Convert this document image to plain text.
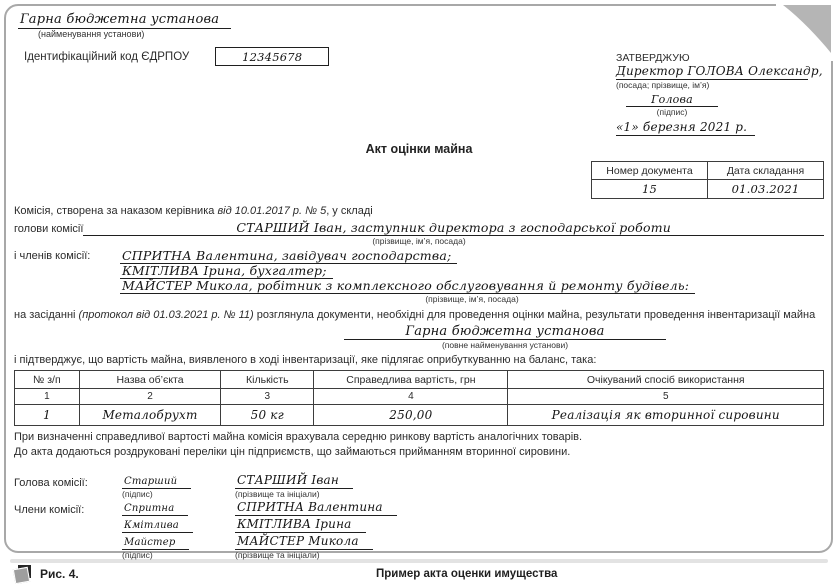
Гарна бюджетна установа
(найменування установи)
Ідентифікаційний код ЄДРПОУ	12345678	ЗАТВЕРДЖУЮ
Директор ГОЛОВА Олександр,
(посада; прізвище, ім’я)
Голова
(підпис)
«1» березня 2021 р.
Акт оцінки майна
Номер документа	Дата складання
15	01.03.2021

Комісія, створена за наказом керівника від 10.01.2017 р. № 5, у складі

голови комісії	СТАРШИЙ Іван, заступник директора з господарської роботи
(прізвище, ім’я, посада)
і членів комісії:	СПРИТНА Валентина, завідувач господарства;
КМІТЛИВА Ірина, бухгалтер;
МАЙСТЕР Микола, робітник з комплексного обслуговування й ремонту будівель:
(прізвище, ім’я, посада)

на засіданні (протокол від 01.03.2021 р. № 11) розглянула документи, необхідні для проведення оцінки майна, результати проведення інвентаризації майна

Гарна бюджетна установа
(повне найменування установи)

і підтверджує, що вартість майна, виявленого в ході інвентаризації, яке підлягає оприбуткуванню на баланс, така:

№ з/п	Назва об’єкта	Кількість	Справедлива вартість, грн	Очікуваний спосіб використання
1	2	3	4	5
1	Металобрухт	50 кг	250,00	Реалізація як вторинної сировини

При визначенні справедливої вартості майна комісія врахувала середню ринкову вартість аналогічних товарів.

До акта додаються роздруковані переліки цін підприємств, що займаються прийманням вторинної сировини.

Голова комісії:	Старший	СТАРШИЙ Іван
(підпис)	(прізвище та ініціали)
Члени комісії:	Спритна	СПРИТНА Валентина
Кмітлива	КМІТЛИВА Ірина
Майстер	МАЙСТЕР Микола
(підпис)	(прізвище та ініціали)
Рис. 4.	Пример акта оценки имущества
